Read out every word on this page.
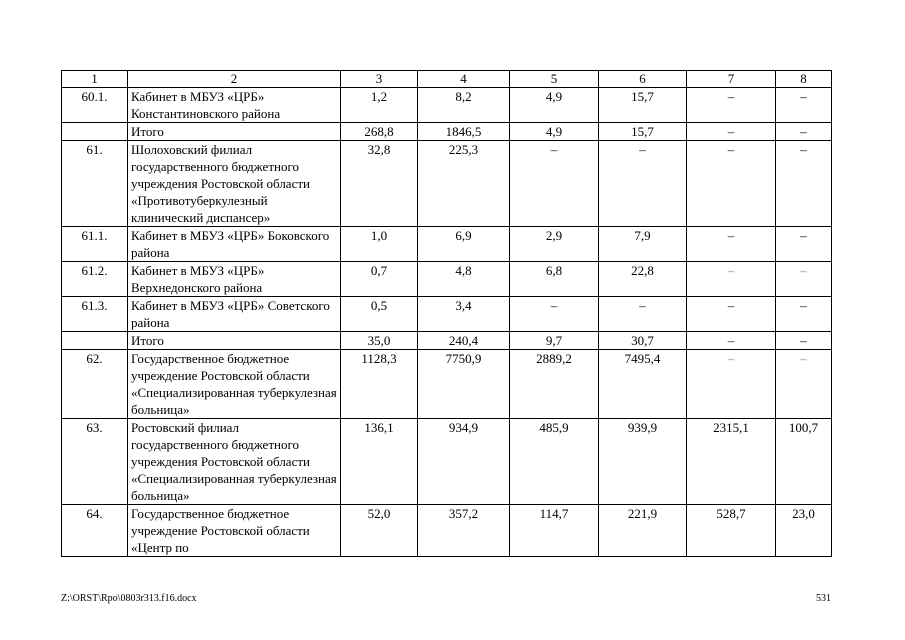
1	2	3	4	5	6	7	8
60.1.	Кабинет в МБУЗ «ЦРБ» Константиновского района	1,2	8,2	4,9	15,7	–	–
	Итого	268,8	1846,5	4,9	15,7	–	–
61.	Шолоховский филиал государственного бюджетного учреждения Ростовской области «Противотуберкулезный клинический диспансер»	32,8	225,3	–	–	–	–
61.1.	Кабинет в МБУЗ «ЦРБ» Боковского района	1,0	6,9	2,9	7,9	–	–
61.2.	Кабинет в МБУЗ «ЦРБ» Верхнедонского района	0,7	4,8	6,8	22,8	–	–
61.3.	Кабинет в МБУЗ «ЦРБ» Советского района	0,5	3,4	–	–	–	–
	Итого	35,0	240,4	9,7	30,7	–	–
62.	Государственное бюджетное учреждение Ростовской области «Специализированная туберкулезная больница»	1128,3	7750,9	2889,2	7495,4	–	–
63.	Ростовский филиал государственного бюджетного учреждения Ростовской области «Специализированная туберкулезная больница»	136,1	934,9	485,9	939,9	2315,1	100,7
64.	Государственное бюджетное учреждение Ростовской области «Центр по	52,0	357,2	114,7	221,9	528,7	23,0
Z:\ORST\Rpo\0803r313.f16.docx	531
